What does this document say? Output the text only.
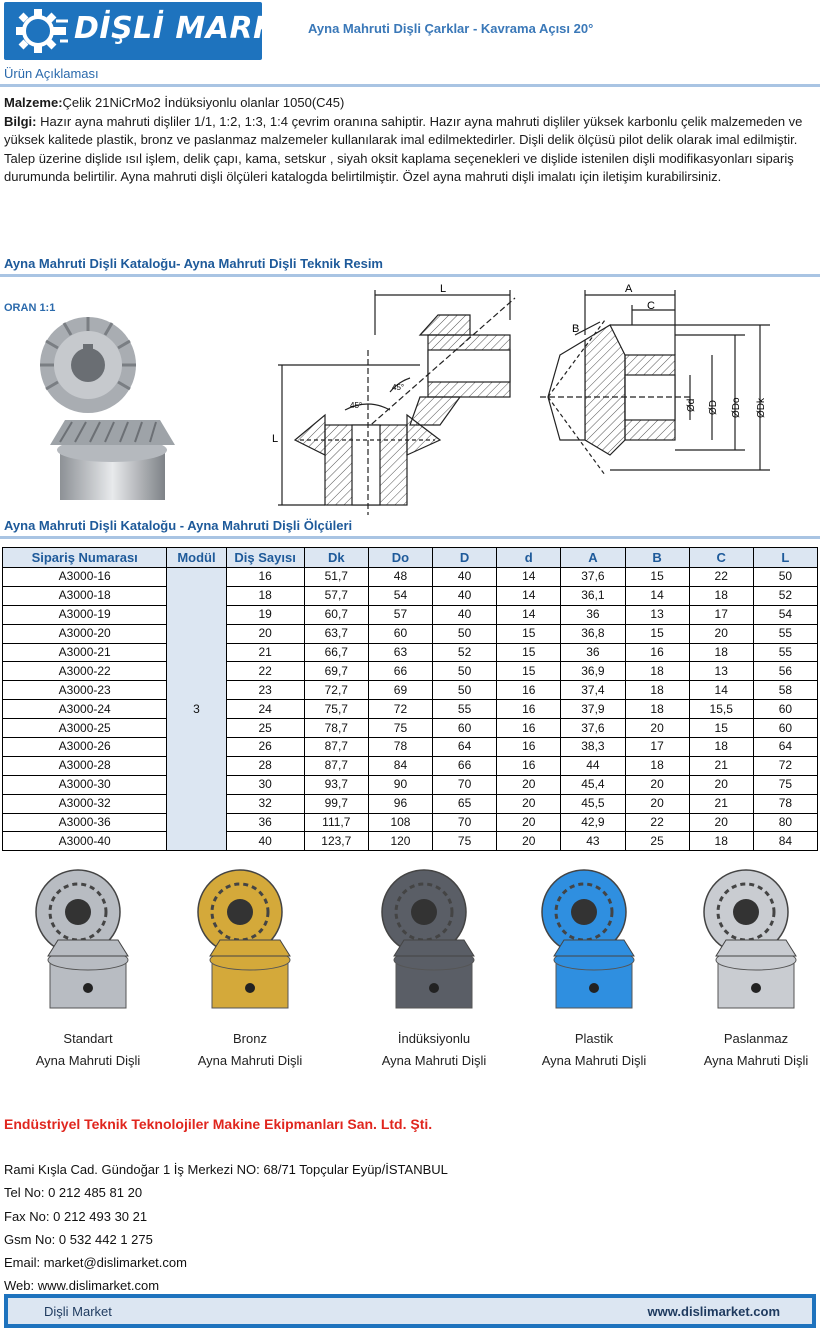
DİŞLİ MARKET
Ayna Mahruti Dişli Çarklar - Kavrama Açısı 20°
Ürün Açıklaması
Malzeme:Çelik 21NiCrMo2 İndüksiyonlu olanlar 1050(C45)
Bilgi: Hazır ayna mahruti dişliler 1/1, 1:2, 1:3, 1:4 çevrim oranına sahiptir. Hazır ayna mahruti dişliler yüksek karbonlu çelik malzemeden ve yüksek kalitede plastik, bronz ve paslanmaz malzemeler kullanılarak imal edilmektedirler. Dişli delik ölçüsü pilot delik olarak imal edilmiştir. Talep üzerine dişlide ısıl işlem, delik çapı, kama, setskur , siyah oksit kaplama seçenekleri ve dişlide istenilen dişli modifikasyonları sipariş durumunda belirtilir. Ayna mahruti dişli ölçüleri katalogda belirtilmiştir. Özel ayna mahruti dişli imalatı için iletişim kurabilirsiniz.
Ayna Mahruti Dişli Kataloğu- Ayna Mahruti Dişli Teknik Resim
ORAN 1:1
L
L
45°
45°
A
C
B
Ød ØD ØDo ØDk
Ayna Mahruti Dişli Kataloğu - Ayna Mahruti Dişli Ölçüleri
Sipariş Numarası	Modül	Diş Sayısı	Dk	Do	D	d	A	B	C	L
A3000-16	3	16	51,7	48	40	14	37,6	15	22	50
A3000-18		18	57,7	54	40	14	36,1	14	18	52
A3000-19		19	60,7	57	40	14	36	13	17	54
A3000-20		20	63,7	60	50	15	36,8	15	20	55
A3000-21		21	66,7	63	52	15	36	16	18	55
A3000-22		22	69,7	66	50	15	36,9	18	13	56
A3000-23		23	72,7	69	50	16	37,4	18	14	58
A3000-24		24	75,7	72	55	16	37,9	18	15,5	60
A3000-25		25	78,7	75	60	16	37,6	20	15	60
A3000-26		26	87,7	78	64	16	38,3	17	18	64
A3000-28		28	87,7	84	66	16	44	18	21	72
A3000-30		30	93,7	90	70	20	45,4	20	20	75
A3000-32		32	99,7	96	65	20	45,5	20	21	78
A3000-36		36	111,7	108	70	20	42,9	22	20	80
A3000-40		40	123,7	120	75	20	43	25	18	84
Standart
Ayna Mahruti Dişli
Bronz
Ayna Mahruti Dişli
İndüksiyonlu
Ayna Mahruti Dişli
Plastik
Ayna Mahruti Dişli
Paslanmaz
Ayna Mahruti Dişli
Endüstriyel Teknik Teknolojiler Makine Ekipmanları San. Ltd. Şti.
Rami Kışla Cad. Gündoğar 1 İş Merkezi NO: 68/71 Topçular Eyüp/İSTANBUL
Tel No: 0 212 485 81 20
Fax No: 0 212 493 30 21
Gsm No: 0 532 442 1 275
Email: market@dislimarket.com
Web: www.dislimarket.com
Dişli Market	www.dislimarket.com
